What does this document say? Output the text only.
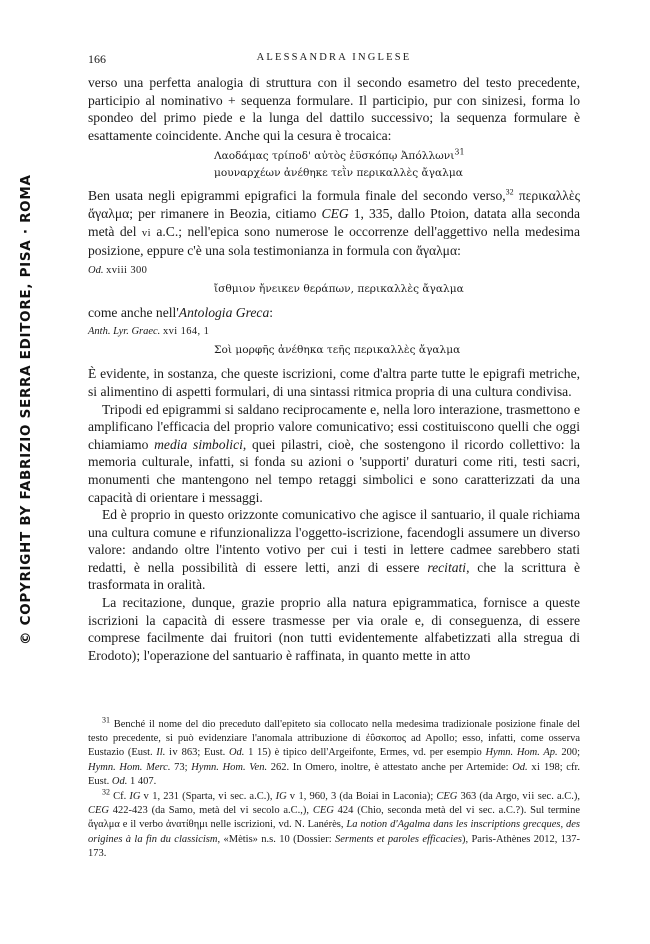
© COPYRIGHT BY FABRIZIO SERRA EDITORE, PISA · ROMA
166	ALESSANDRA INGLESE

verso una perfetta analogia di struttura con il secondo esametro del testo precedente, participio al nominativo + sequenza formulare. Il participio, pur con sinizesi, forma lo spondeo del primo piede e la lunga del dattilo successivo; la sequenza formulare è esattamente coincidente. Anche qui la cesura è trocaica:

Λαοδάμας τρίποδ' αὐτὸς ἐϋσκόπῳ Ἀπόλλωνι$^{31}$
μουναρχέων ἀνέθηκε τεῒν περικαλλὲς ἄγαλμα

Ben usata negli epigrammi epigrafici la formula finale del secondo verso,$^{32}$ περικαλλὲς ἄγαλμα; per rimanere in Beozia, citiamo CEG 1, 335, dallo Ptoion, datata alla seconda metà del vi a.C.; nell'epica sono numerose le occorrenze dell'aggettivo nella medesima posizione, eppure c'è una sola testimonianza in formula con ἄγαλμα:

Od. xviii 300
ἴσθμιον ἤνεικεν θεράπων, περικαλλὲς ἄγαλμα

come anche nell'Antologia Greca:

Anth. Lyr. Graec. xvi 164, 1
Σοὶ μορφῆς ἀνέθηκα τεῆς περικαλλὲς ἄγαλμα

È evidente, in sostanza, che queste iscrizioni, come d'altra parte tutte le epigrafi metriche, si alimentino di aspetti formulari, di una sintassi ritmica propria di una cultura condivisa.

Tripodi ed epigrammi si saldano reciprocamente e, nella loro interazione, trasmettono e amplificano l'efficacia del proprio valore comunicativo; essi costituiscono quelli che oggi chiamiamo media simbolici, quei pilastri, cioè, che sostengono il ricordo collettivo: la memoria culturale, infatti, si fonda su azioni o 'supporti' duraturi come riti, testi sacri, monumenti che mantengono nel tempo retaggi simbolici e sono caratterizzati da una capacità di orientare i messaggi.

Ed è proprio in questo orizzonte comunicativo che agisce il santuario, il quale richiama una cultura comune e rifunzionalizza l'oggetto-iscrizione, facendogli assumere un diverso valore: andando oltre l'intento votivo per cui i testi in lettere cadmee sarebbero stati redatti, è nella possibilità di essere letti, anzi di essere recitati, che la scrittura è trasformata in oralità.

La recitazione, dunque, grazie proprio alla natura epigrammatica, fornisce a queste iscrizioni la capacità di essere trasmesse per via orale e, di conseguenza, di essere comprese facilmente dai fruitori (non tutti evidentemente alfabetizzati alla stregua di Erodoto); l'operazione del santuario è raffinata, in quanto mette in atto

$^{31}$ Benché il nome del dio preceduto dall'epiteto sia collocato nella medesima tradizionale posizione finale del testo precedente, si può evidenziare l'anomala attribuzione di ἐΰσκοπος ad Apollo; esso, infatti, come osserva Eustazio (Eust. Il. iv 863; Eust. Od. 1 15) è tipico dell'Argeifonte, Ermes, vd. per esempio Hymn. Hom. Ap. 200; Hymn. Hom. Merc. 73; Hymn. Hom. Ven. 262. In Omero, inoltre, è attestato anche per Artemide: Od. xi 198; cfr. Eust. Od. 1 407.

$^{32}$ Cf. IG v 1, 231 (Sparta, vi sec. a.C.), IG v 1, 960, 3 (da Boiai in Laconia); CEG 363 (da Argo, vii sec. a.C.), CEG 422-423 (da Samo, metà del vi secolo a.C.,), CEG 424 (Chio, seconda metà del vi sec. a.C.?). Sul termine ἄγαλμα e il verbo ἀνατίθημι nelle iscrizioni, vd. N. Lanérès, La notion d'Agalma dans les inscriptions grecques, des origines à la fin du classicism, «Mètis» n.s. 10 (Dossier: Serments et paroles efficacies), Paris-Athènes 2012, 137-173.
